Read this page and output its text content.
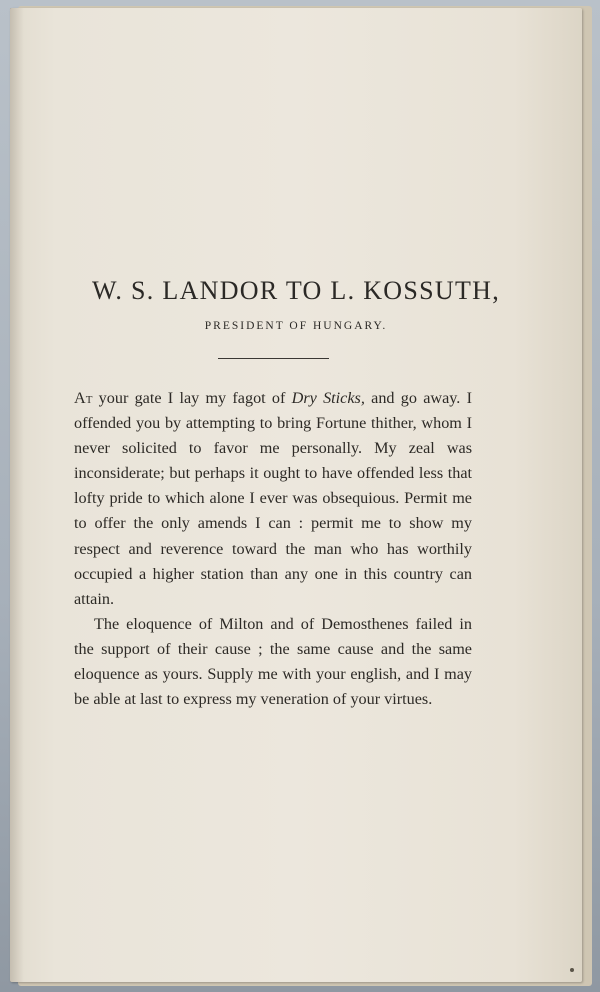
W. S. LANDOR TO L. KOSSUTH,
PRESIDENT OF HUNGARY.

At your gate I lay my fagot of Dry Sticks, and go away. I offended you by attempting to bring Fortune thither, whom I never solicited to favor me personally. My zeal was inconsiderate; but perhaps it ought to have offended less that lofty pride to which alone I ever was obsequious. Permit me to offer the only amends I can : permit me to show my respect and reverence toward the man who has worthily occupied a higher station than any one in this country can attain.

The eloquence of Milton and of Demosthenes failed in the support of their cause ; the same cause and the same eloquence as yours. Supply me with your english, and I may be able at last to express my veneration of your virtues.
